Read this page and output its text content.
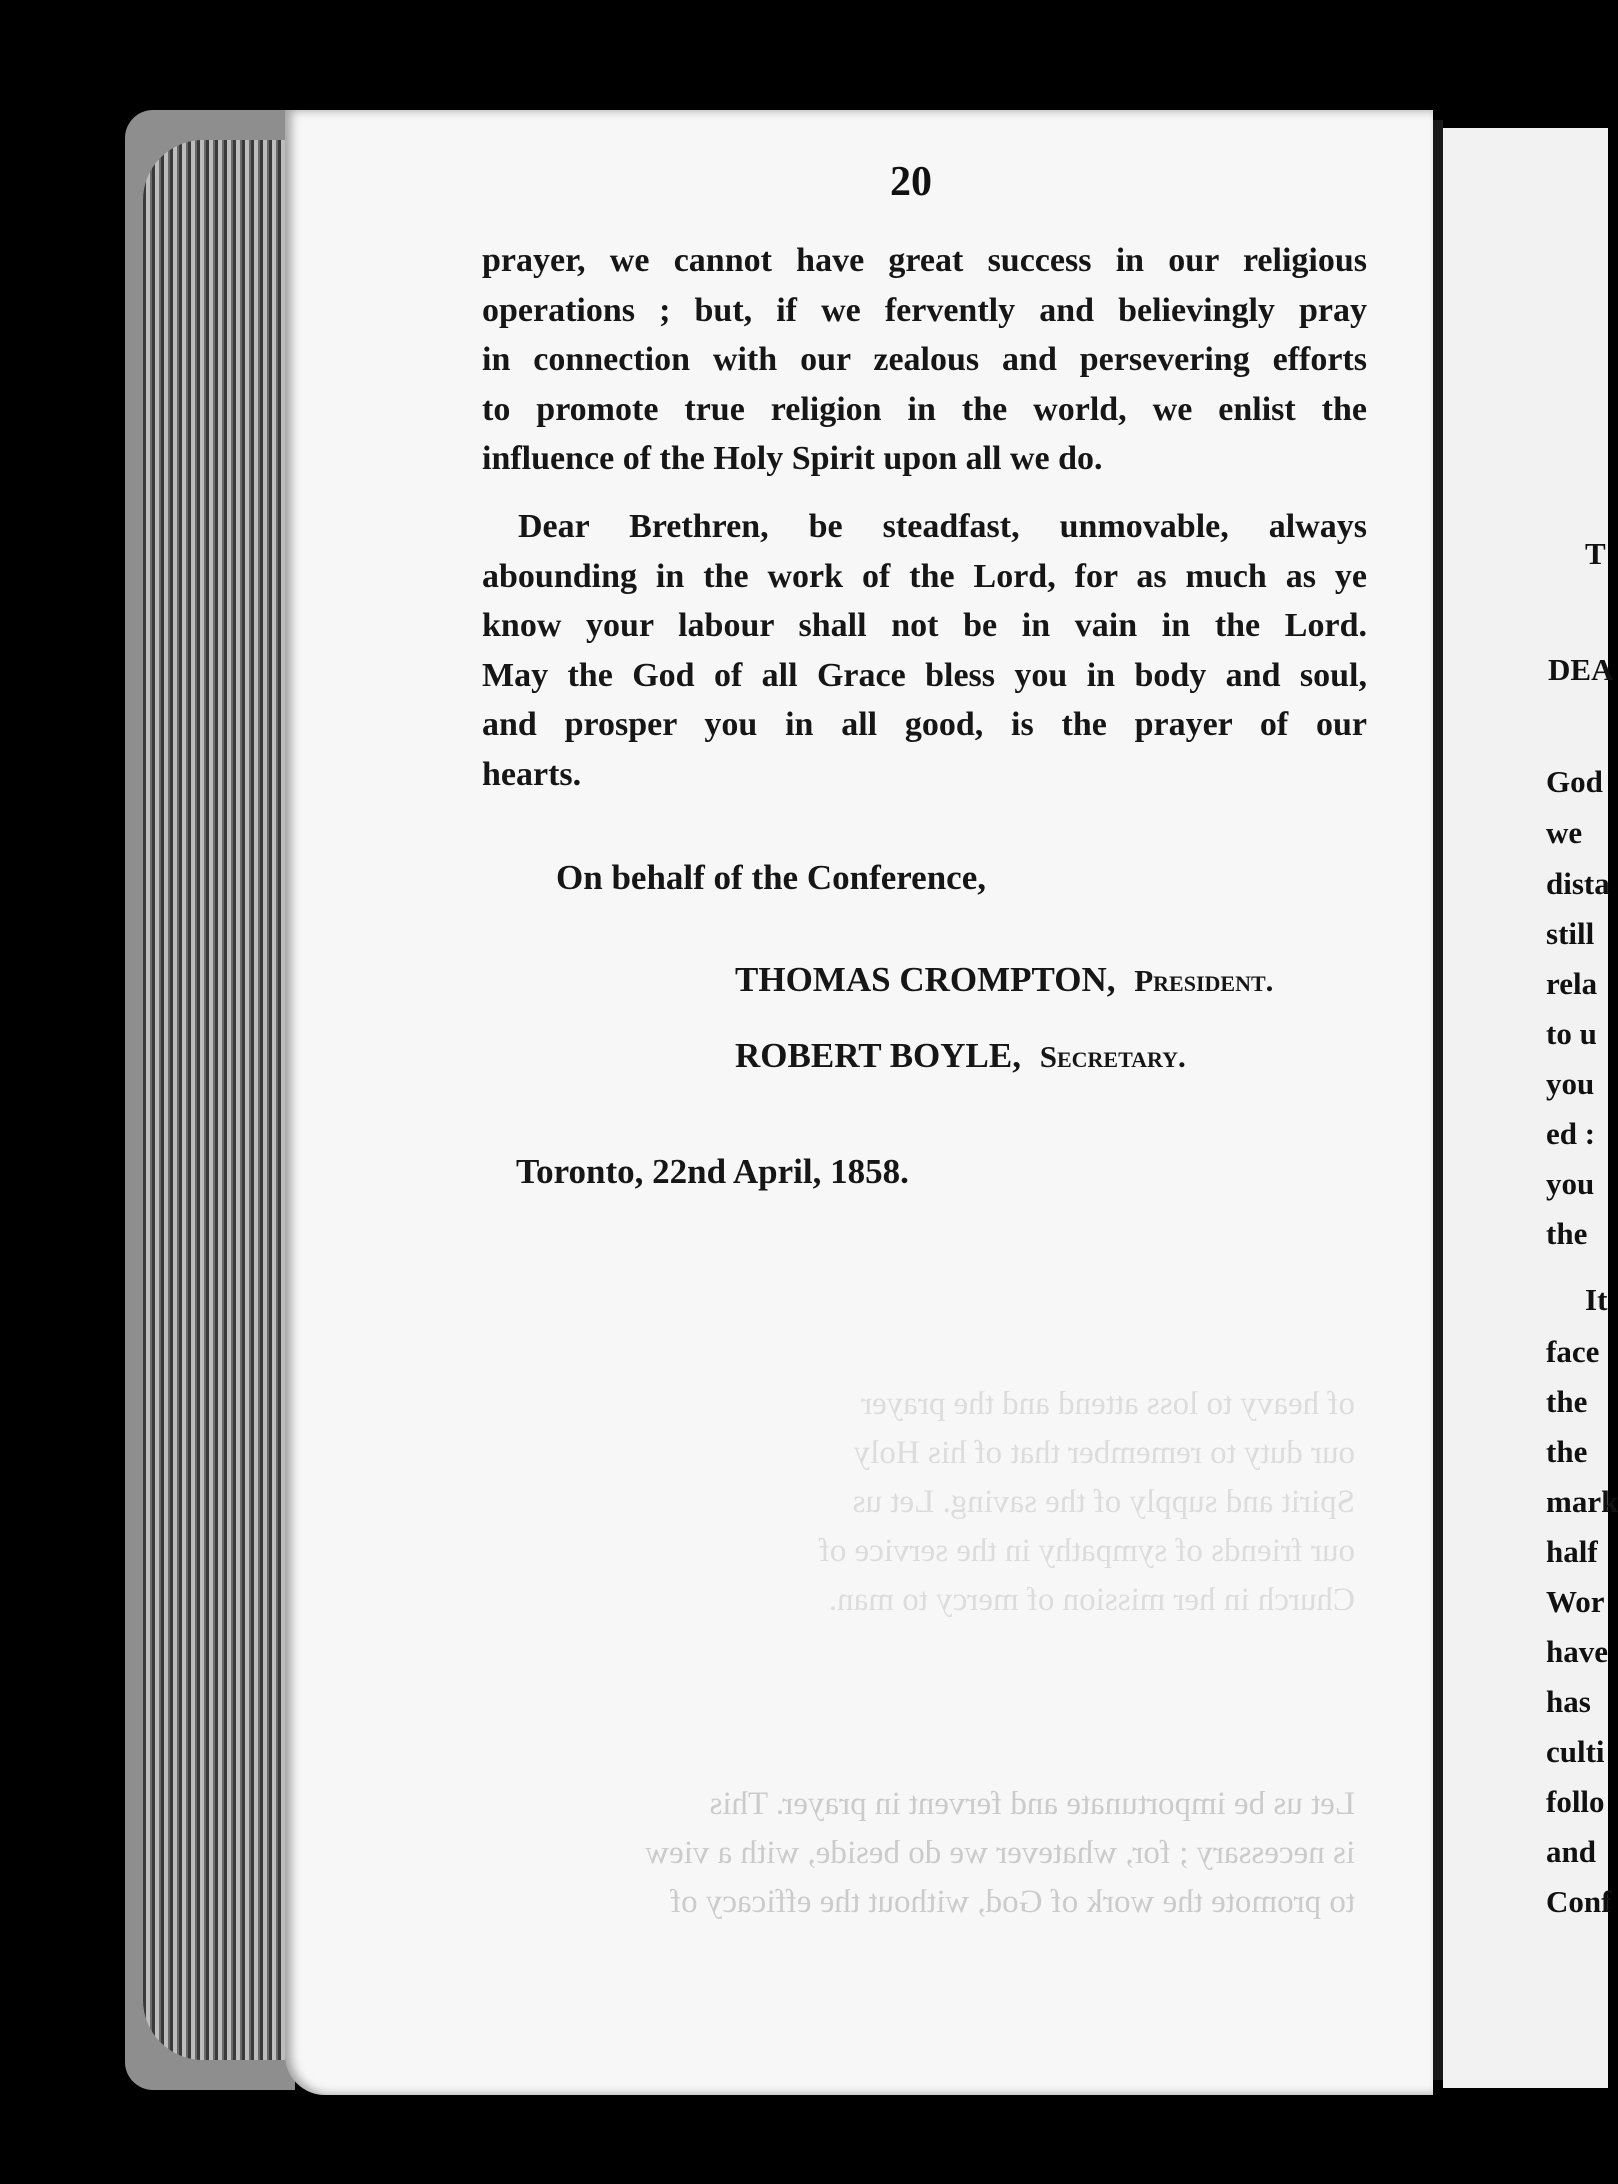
of heavy to loss attend and the prayer
our duty to remember that of his Holy
Spirit and supply of the saving. Let us
our friends of sympathy in the service of
Church in her mission of mercy to man.
Let us be importunate and fervent in prayer. This
is necessary ; for, whatever we do beside, with a view
to promote the work of God, without the efficacy of
20
prayer, we cannot have great success in our religious
operations ; but, if we fervently and believingly pray
in connection with our zealous and persevering efforts
to promote true religion in the world, we enlist the
influence of the Holy Spirit upon all we do.
Dear Brethren, be steadfast, unmovable, always
abounding in the work of the Lord, for as much as ye
know your labour shall not be in vain in the Lord.
May the God of all Grace bless you in body and soul,
and prosper you in all good, is the prayer of our
hearts.
On behalf of the Conference,
THOMAS CROMPTON, President.
ROBERT BOYLE, Secretary.
Toronto, 22nd April, 1858.
T
DEA
God
we
dista
still
rela
to u
you
ed :
you
the
It
face
the
the
mark
half
Wor
have
has
culti
follo
and
Conf
